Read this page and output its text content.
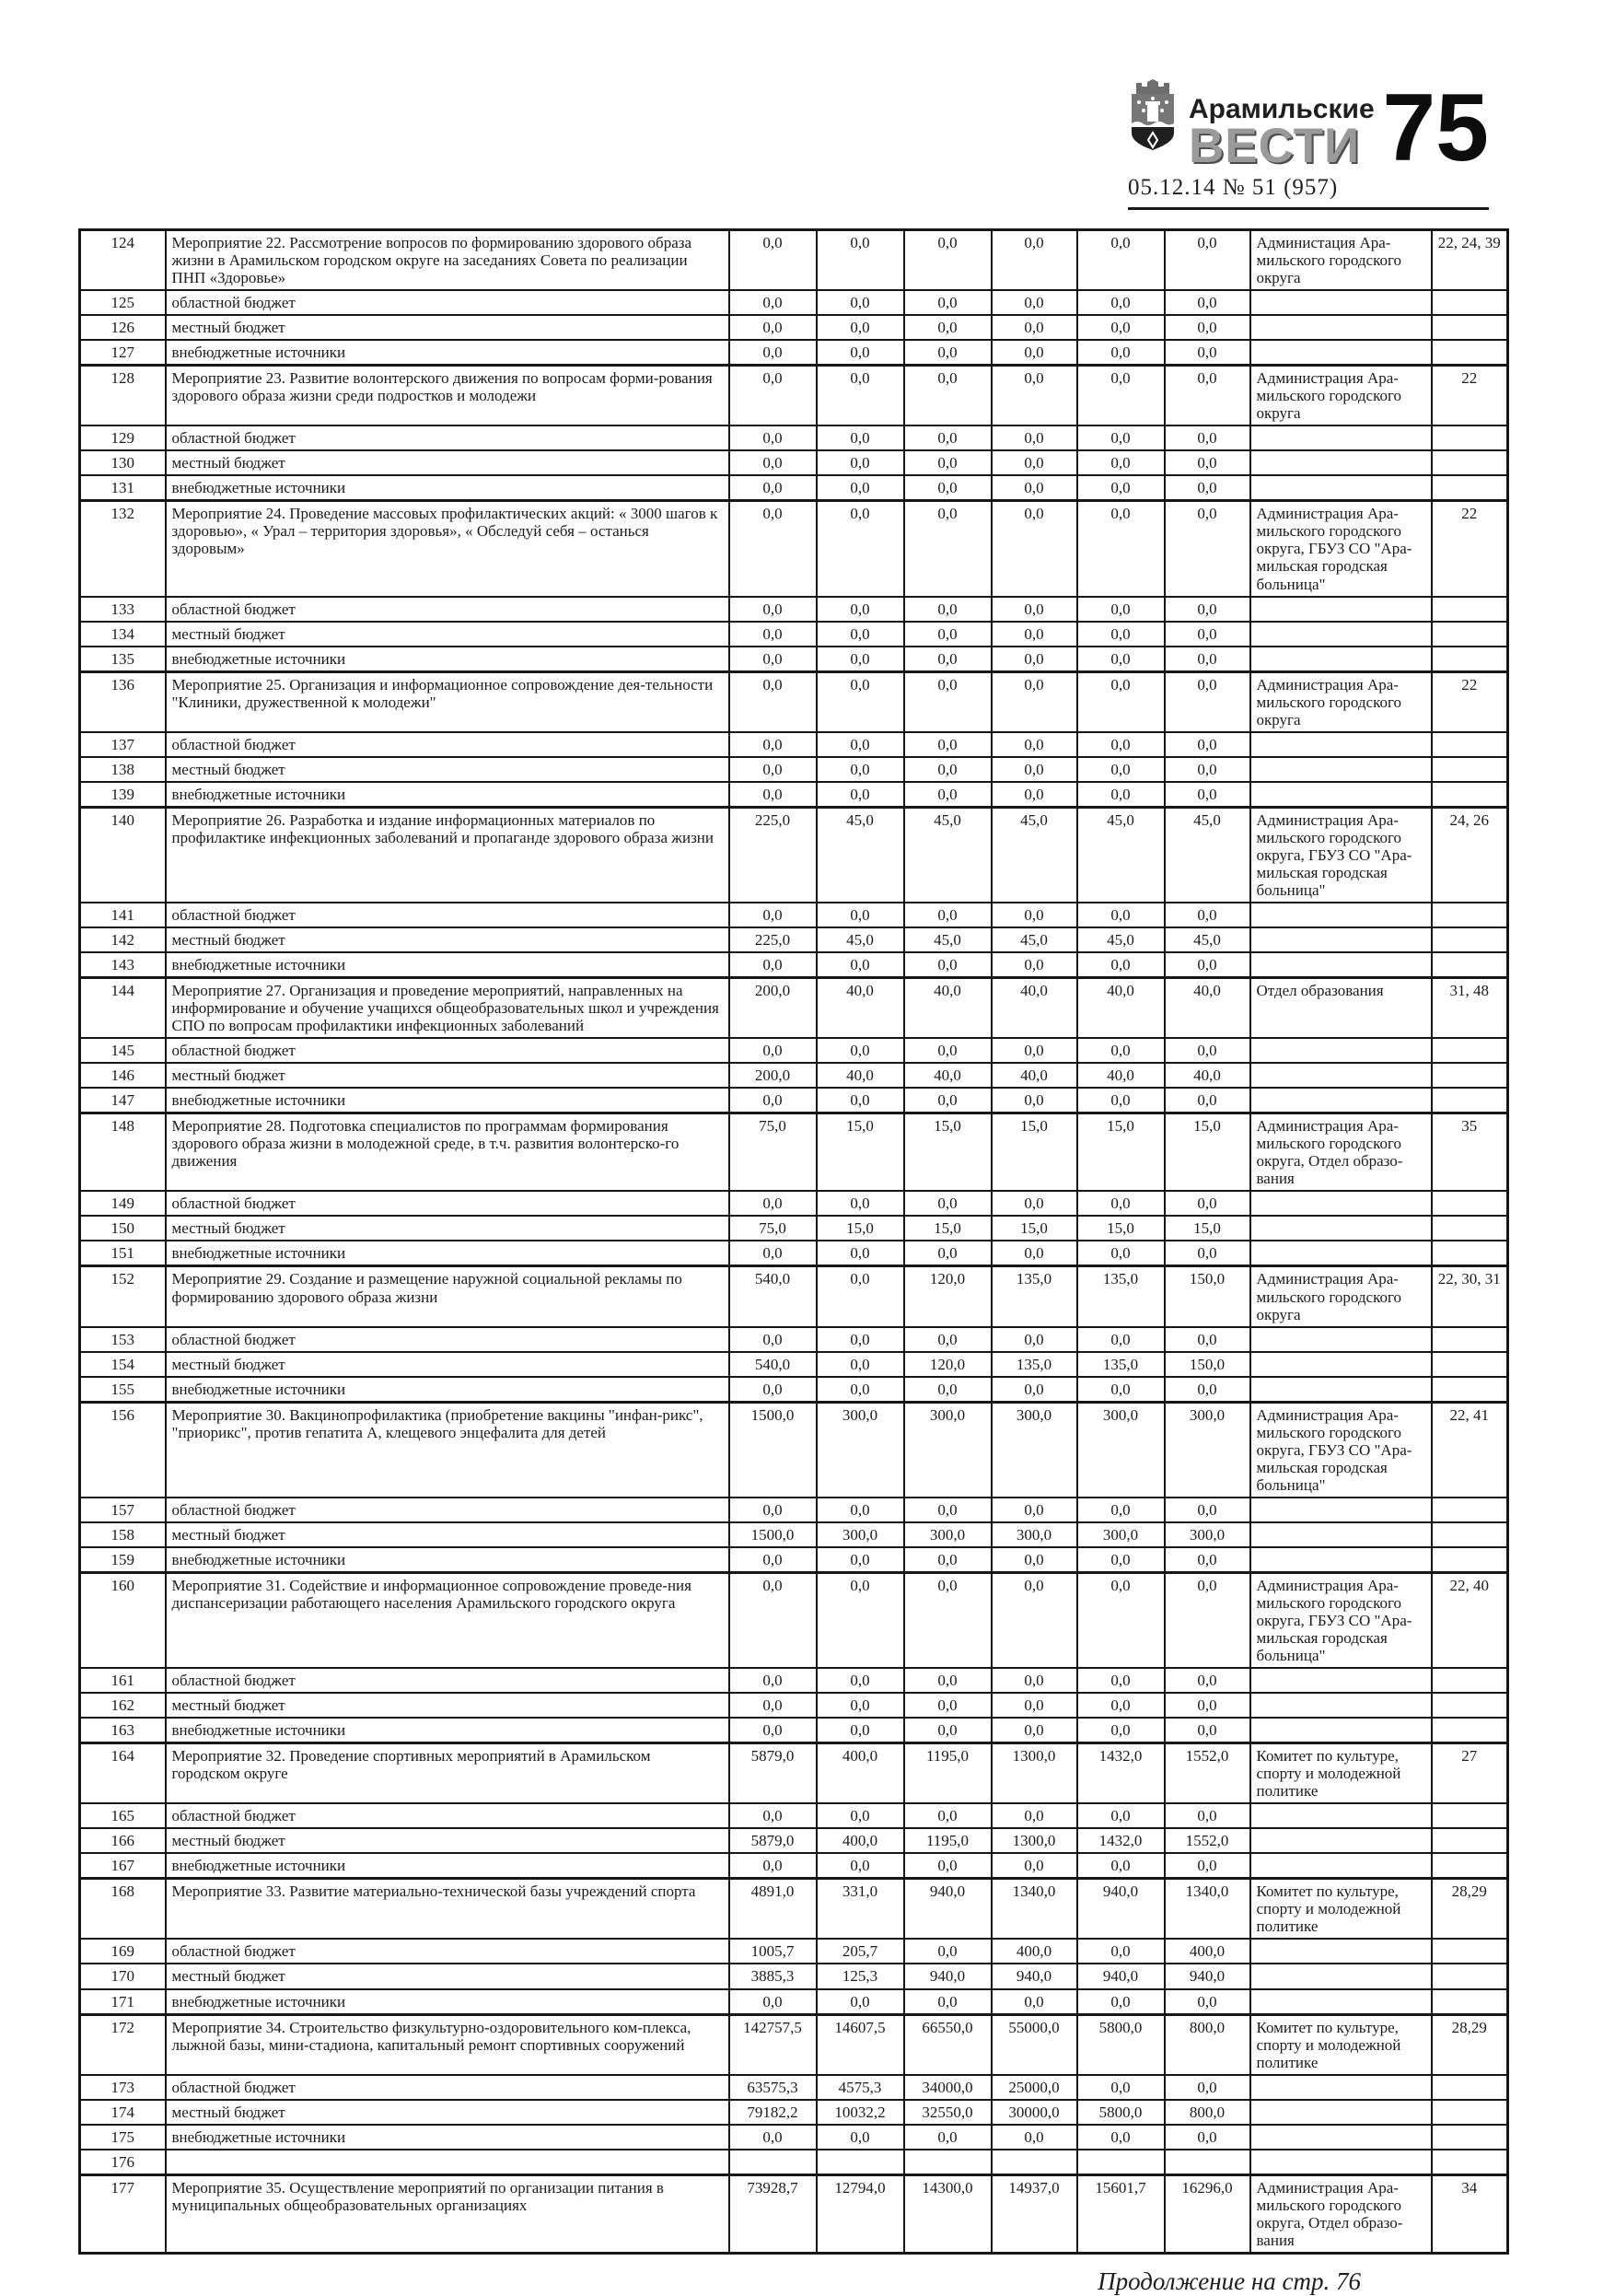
Арамильские
ВЕСТИ 75
05.12.14 № 51 (957)
124	Мероприятие 22. Рассмотрение вопросов по формированию здорового образа жизни в Арамильском городском округе на заседаниях Совета по реализации ПНП «Здоровье»	0,0	0,0	0,0	0,0	0,0	0,0	Администация Ара-мильского городского округа	22, 24, 39
125	областной бюджет	0,0	0,0	0,0	0,0	0,0	0,0		
126	местный бюджет	0,0	0,0	0,0	0,0	0,0	0,0		
127	внебюджетные источники	0,0	0,0	0,0	0,0	0,0	0,0		
128	Мероприятие 23. Развитие волонтерского движения по вопросам форми-рования здорового образа жизни среди подростков и молодежи	0,0	0,0	0,0	0,0	0,0	0,0	Администрация Ара-мильского городского округа	22
129	областной бюджет	0,0	0,0	0,0	0,0	0,0	0,0		
130	местный бюджет	0,0	0,0	0,0	0,0	0,0	0,0		
131	внебюджетные источники	0,0	0,0	0,0	0,0	0,0	0,0		
132	Мероприятие 24. Проведение массовых профилактических акций: « 3000 шагов к здоровью», « Урал – территория здоровья», « Обследуй себя – останься здоровым»	0,0	0,0	0,0	0,0	0,0	0,0	Администрация Ара-мильского городского округа, ГБУЗ СО "Ара-мильская городская больница"	22
133	областной бюджет	0,0	0,0	0,0	0,0	0,0	0,0		
134	местный бюджет	0,0	0,0	0,0	0,0	0,0	0,0		
135	внебюджетные источники	0,0	0,0	0,0	0,0	0,0	0,0		
136	Мероприятие 25. Организация и информационное сопровождение дея-тельности "Клиники, дружественной к молодежи"	0,0	0,0	0,0	0,0	0,0	0,0	Администрация Ара-мильского городского округа	22
137	областной бюджет	0,0	0,0	0,0	0,0	0,0	0,0		
138	местный бюджет	0,0	0,0	0,0	0,0	0,0	0,0		
139	внебюджетные источники	0,0	0,0	0,0	0,0	0,0	0,0		
140	Мероприятие 26. Разработка и издание информационных материалов по профилактике инфекционных заболеваний и пропаганде здорового образа жизни	225,0	45,0	45,0	45,0	45,0	45,0	Администрация Ара-мильского городского округа, ГБУЗ СО "Ара-мильская городская больница"	24, 26
141	областной бюджет	0,0	0,0	0,0	0,0	0,0	0,0		
142	местный бюджет	225,0	45,0	45,0	45,0	45,0	45,0		
143	внебюджетные источники	0,0	0,0	0,0	0,0	0,0	0,0		
144	Мероприятие 27. Организация и проведение мероприятий, направленных на информирование и обучение учащихся общеобразовательных школ и учреждения СПО по вопросам профилактики инфекционных заболеваний	200,0	40,0	40,0	40,0	40,0	40,0	Отдел образования	31, 48
145	областной бюджет	0,0	0,0	0,0	0,0	0,0	0,0		
146	местный бюджет	200,0	40,0	40,0	40,0	40,0	40,0		
147	внебюджетные источники	0,0	0,0	0,0	0,0	0,0	0,0		
148	Мероприятие 28. Подготовка специалистов по программам формирования здорового образа жизни в молодежной среде, в т.ч. развития волонтерско-го движения	75,0	15,0	15,0	15,0	15,0	15,0	Администрация Ара-мильского городского округа, Отдел образо-вания	35
149	областной бюджет	0,0	0,0	0,0	0,0	0,0	0,0		
150	местный бюджет	75,0	15,0	15,0	15,0	15,0	15,0		
151	внебюджетные источники	0,0	0,0	0,0	0,0	0,0	0,0		
152	Мероприятие 29. Создание и размещение наружной социальной рекламы по формированию здорового образа жизни	540,0	0,0	120,0	135,0	135,0	150,0	Администрация Ара-мильского городского округа	22, 30, 31
153	областной бюджет	0,0	0,0	0,0	0,0	0,0	0,0		
154	местный бюджет	540,0	0,0	120,0	135,0	135,0	150,0		
155	внебюджетные источники	0,0	0,0	0,0	0,0	0,0	0,0		
156	Мероприятие 30. Вакцинопрофилактика (приобретение вакцины "инфан-рикс", "приорикс", против гепатита А, клещевого энцефалита для детей	1500,0	300,0	300,0	300,0	300,0	300,0	Администрация Ара-мильского городского округа, ГБУЗ СО "Ара-мильская городская больница"	22, 41
157	областной бюджет	0,0	0,0	0,0	0,0	0,0	0,0		
158	местный бюджет	1500,0	300,0	300,0	300,0	300,0	300,0		
159	внебюджетные источники	0,0	0,0	0,0	0,0	0,0	0,0		
160	Мероприятие 31. Содействие и информационное сопровождение проведе-ния диспансеризации работающего населения Арамильского городского округа	0,0	0,0	0,0	0,0	0,0	0,0	Администрация Ара-мильского городского округа, ГБУЗ СО "Ара-мильская городская больница"	22, 40
161	областной бюджет	0,0	0,0	0,0	0,0	0,0	0,0		
162	местный бюджет	0,0	0,0	0,0	0,0	0,0	0,0		
163	внебюджетные источники	0,0	0,0	0,0	0,0	0,0	0,0		
164	Мероприятие 32. Проведение спортивных мероприятий в Арамильском городском округе	5879,0	400,0	1195,0	1300,0	1432,0	1552,0	Комитет по культуре, спорту и молодежной политике	27
165	областной бюджет	0,0	0,0	0,0	0,0	0,0	0,0		
166	местный бюджет	5879,0	400,0	1195,0	1300,0	1432,0	1552,0		
167	внебюджетные источники	0,0	0,0	0,0	0,0	0,0	0,0		
168	Мероприятие 33. Развитие материально-технической базы учреждений спорта	4891,0	331,0	940,0	1340,0	940,0	1340,0	Комитет по культуре, спорту и молодежной политике	28,29
169	областной бюджет	1005,7	205,7	0,0	400,0	0,0	400,0		
170	местный бюджет	3885,3	125,3	940,0	940,0	940,0	940,0		
171	внебюджетные источники	0,0	0,0	0,0	0,0	0,0	0,0		
172	Мероприятие 34. Строительство физкультурно-оздоровительного ком-плекса, лыжной базы, мини-стадиона, капитальный ремонт спортивных сооружений	142757,5	14607,5	66550,0	55000,0	5800,0	800,0	Комитет по культуре, спорту и молодежной политике	28,29
173	областной бюджет	63575,3	4575,3	34000,0	25000,0	0,0	0,0		
174	местный бюджет	79182,2	10032,2	32550,0	30000,0	5800,0	800,0		
175	внебюджетные источники	0,0	0,0	0,0	0,0	0,0	0,0		
176									
177	Мероприятие 35. Осуществление мероприятий по организации питания в муниципальных общеобразовательных организациях	73928,7	12794,0	14300,0	14937,0	15601,7	16296,0	Администрация Ара-мильского городского округа, Отдел образо-вания	34
Продолжение на стр. 76
